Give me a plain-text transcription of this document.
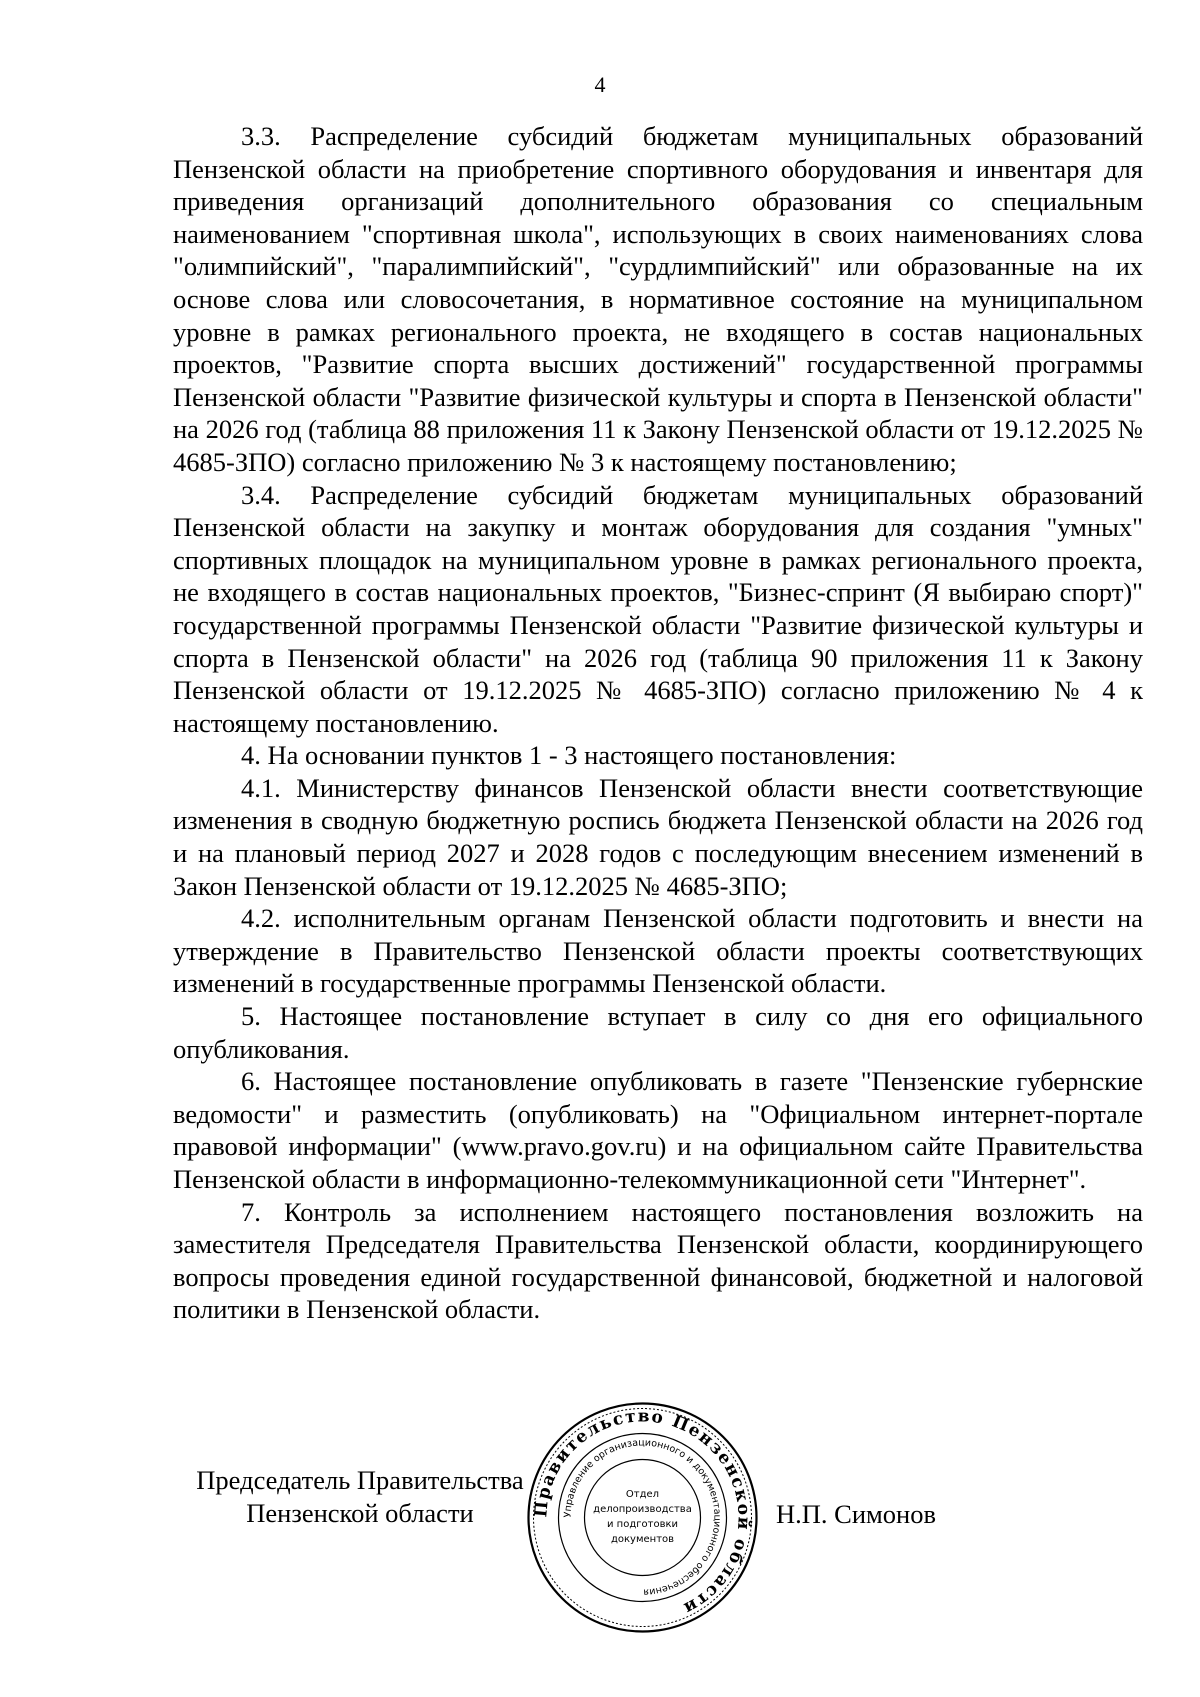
4

3.3. Распределение субсидий бюджетам муниципальных образований Пензенской области на приобретение спортивного оборудования и инвентаря для приведения организаций дополнительного образования со специальным наименованием "спортивная школа", использующих в своих наименованиях слова "олимпийский", "паралимпийский", "сурдлимпийский" или образованные на их основе слова или словосочетания, в нормативное состояние на муниципальном уровне в рамках регионального проекта, не входящего в состав национальных проектов, "Развитие спорта высших достижений" государственной программы Пензенской области "Развитие физической культуры и спорта в Пензенской области" на 2026 год (таблица 88 приложения 11 к Закону Пензенской области от 19.12.2025 № 4685-ЗПО) согласно приложению № 3 к настоящему постановлению;

3.4. Распределение субсидий бюджетам муниципальных образований Пензенской области на закупку и монтаж оборудования для создания "умных" спортивных площадок на муниципальном уровне в рамках регионального проекта, не входящего в состав национальных проектов, "Бизнес-спринт (Я выбираю спорт)" государственной программы Пензенской области "Развитие физической культуры и спорта в Пензенской области" на 2026 год (таблица 90 приложения 11 к Закону Пензенской области от 19.12.2025 № 4685-ЗПО) согласно приложению № 4 к настоящему постановлению.

4. На основании пунктов 1 - 3 настоящего постановления:

4.1. Министерству финансов Пензенской области внести соответствующие изменения в сводную бюджетную роспись бюджета Пензенской области на 2026 год и на плановый период 2027 и 2028 годов с последующим внесением изменений в Закон Пензенской области от 19.12.2025 № 4685-ЗПО;

4.2. исполнительным органам Пензенской области подготовить и внести на утверждение в Правительство Пензенской области проекты соответствующих изменений в государственные программы Пензенской области.

5. Настоящее постановление вступает в силу со дня его официального опубликования.

6. Настоящее постановление опубликовать в газете "Пензенские губернские ведомости" и разместить (опубликовать) на "Официальном интернет-портале правовой информации" (www.pravo.gov.ru) и на официальном сайте Правительства Пензенской области в информационно-телекоммуникационной сети "Интернет".

7. Контроль за исполнением настоящего постановления возложить на заместителя Председателя Правительства Пензенской области, координирующего вопросы проведения единой государственной финансовой, бюджетной и налоговой политики в Пензенской области.

Председатель Правительства
Пензенской области	Правительство Пензенской области
Управление организационного и документационного обеспечения
Отдел
делопроизводства
и подготовки
документов
Н.П. Симонов
